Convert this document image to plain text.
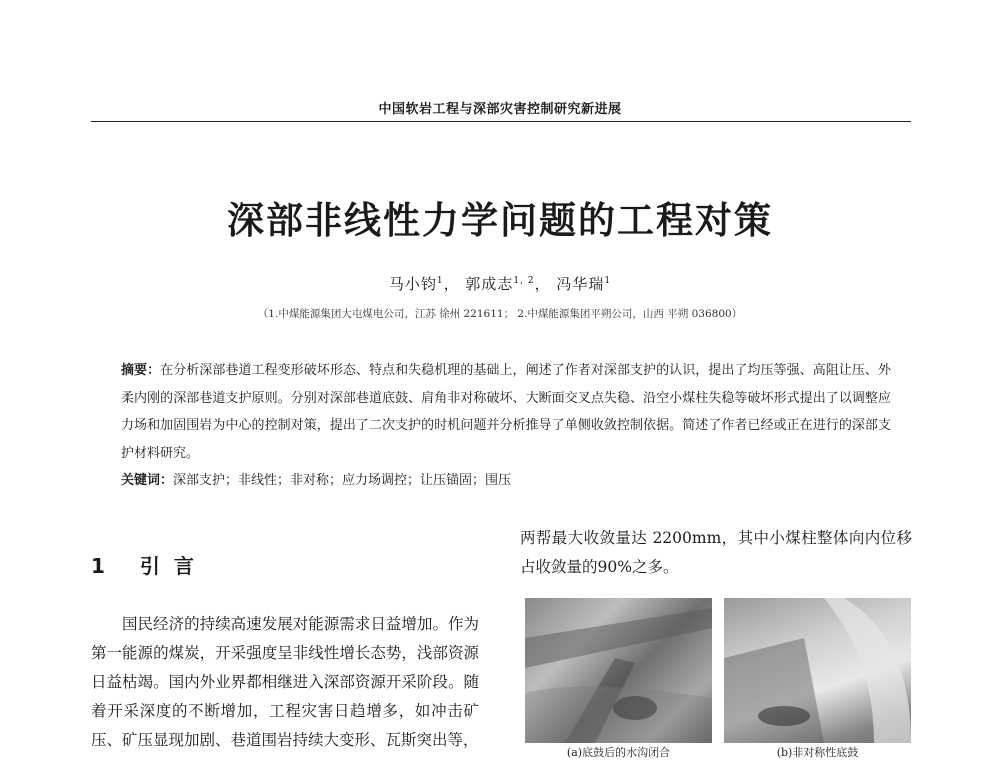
中国软岩工程与深部灾害控制研究新进展
深部非线性力学问题的工程对策
马小钧$^1$， 郭成志$^{1, 2}$， 冯华瑞$^1$
（1.中煤能源集团大屯煤电公司，江苏 徐州 221611； 2.中煤能源集团平朔公司，山西 平朔 036800）
摘要：在分析深部巷道工程变形破坏形态、特点和失稳机理的基础上，阐述了作者对深部支护的认识，提出了均压等强、高阻让压、外柔内刚的深部巷道支护原则。分别对深部巷道底鼓、肩角非对称破坏、大断面交叉点失稳、沿空小煤柱失稳等破坏形式提出了以调整应力场和加固围岩为中心的控制对策，提出了二次支护的时机问题并分析推导了单侧收敛控制依据。简述了作者已经或正在进行的深部支护材料研究。
关键词：深部支护；非线性；非对称；应力场调控；让压锚固；围压
1 引言

国民经济的持续高速发展对能源需求日益增加。作为第一能源的煤炭，开采强度呈非线性增长态势，浅部资源日益枯竭。国内外业界都相继进入深部资源开采阶段。随着开采深度的不断增加，工程灾害日趋增多，如冲击矿压、矿压显现加剧、巷道围岩持续大变形、瓦斯突出等，

两帮最大收敛量达 2200mm，其中小煤柱整体向内位移占收敛量的90%之多。

(a)底鼓后的水沟闭合	(b)非对称性底鼓
